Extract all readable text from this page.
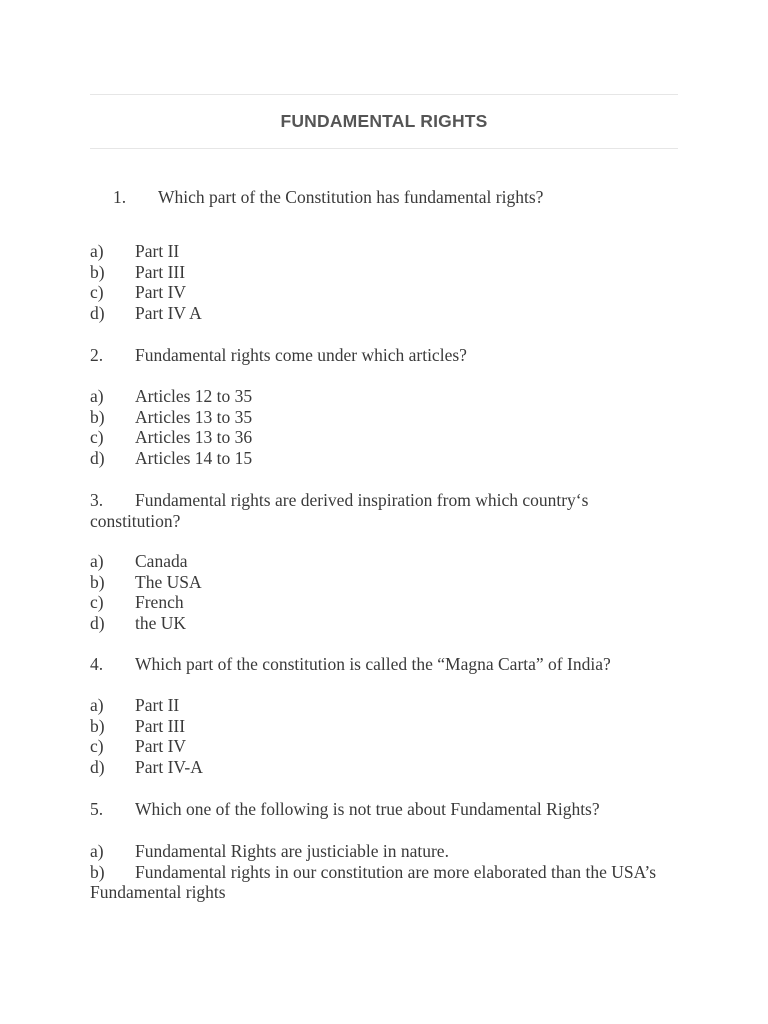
FUNDAMENTAL RIGHTS
1. Which part of the Constitution has fundamental rights?
a) Part II
b) Part III
c) Part IV
d) Part IV A
2. Fundamental rights come under which articles?
a) Articles 12 to 35
b) Articles 13 to 35
c) Articles 13 to 36
d) Articles 14 to 15
3. Fundamental rights are derived inspiration from which country‘s constitution?
a) Canada
b) The USA
c) French
d) the UK
4. Which part of the constitution is called the “Magna Carta” of India?
a) Part II
b) Part III
c) Part IV
d) Part IV-A
5. Which one of the following is not true about Fundamental Rights?
a) Fundamental Rights are justiciable in nature.
b) Fundamental rights in our constitution are more elaborated than the USA’s Fundamental rights
